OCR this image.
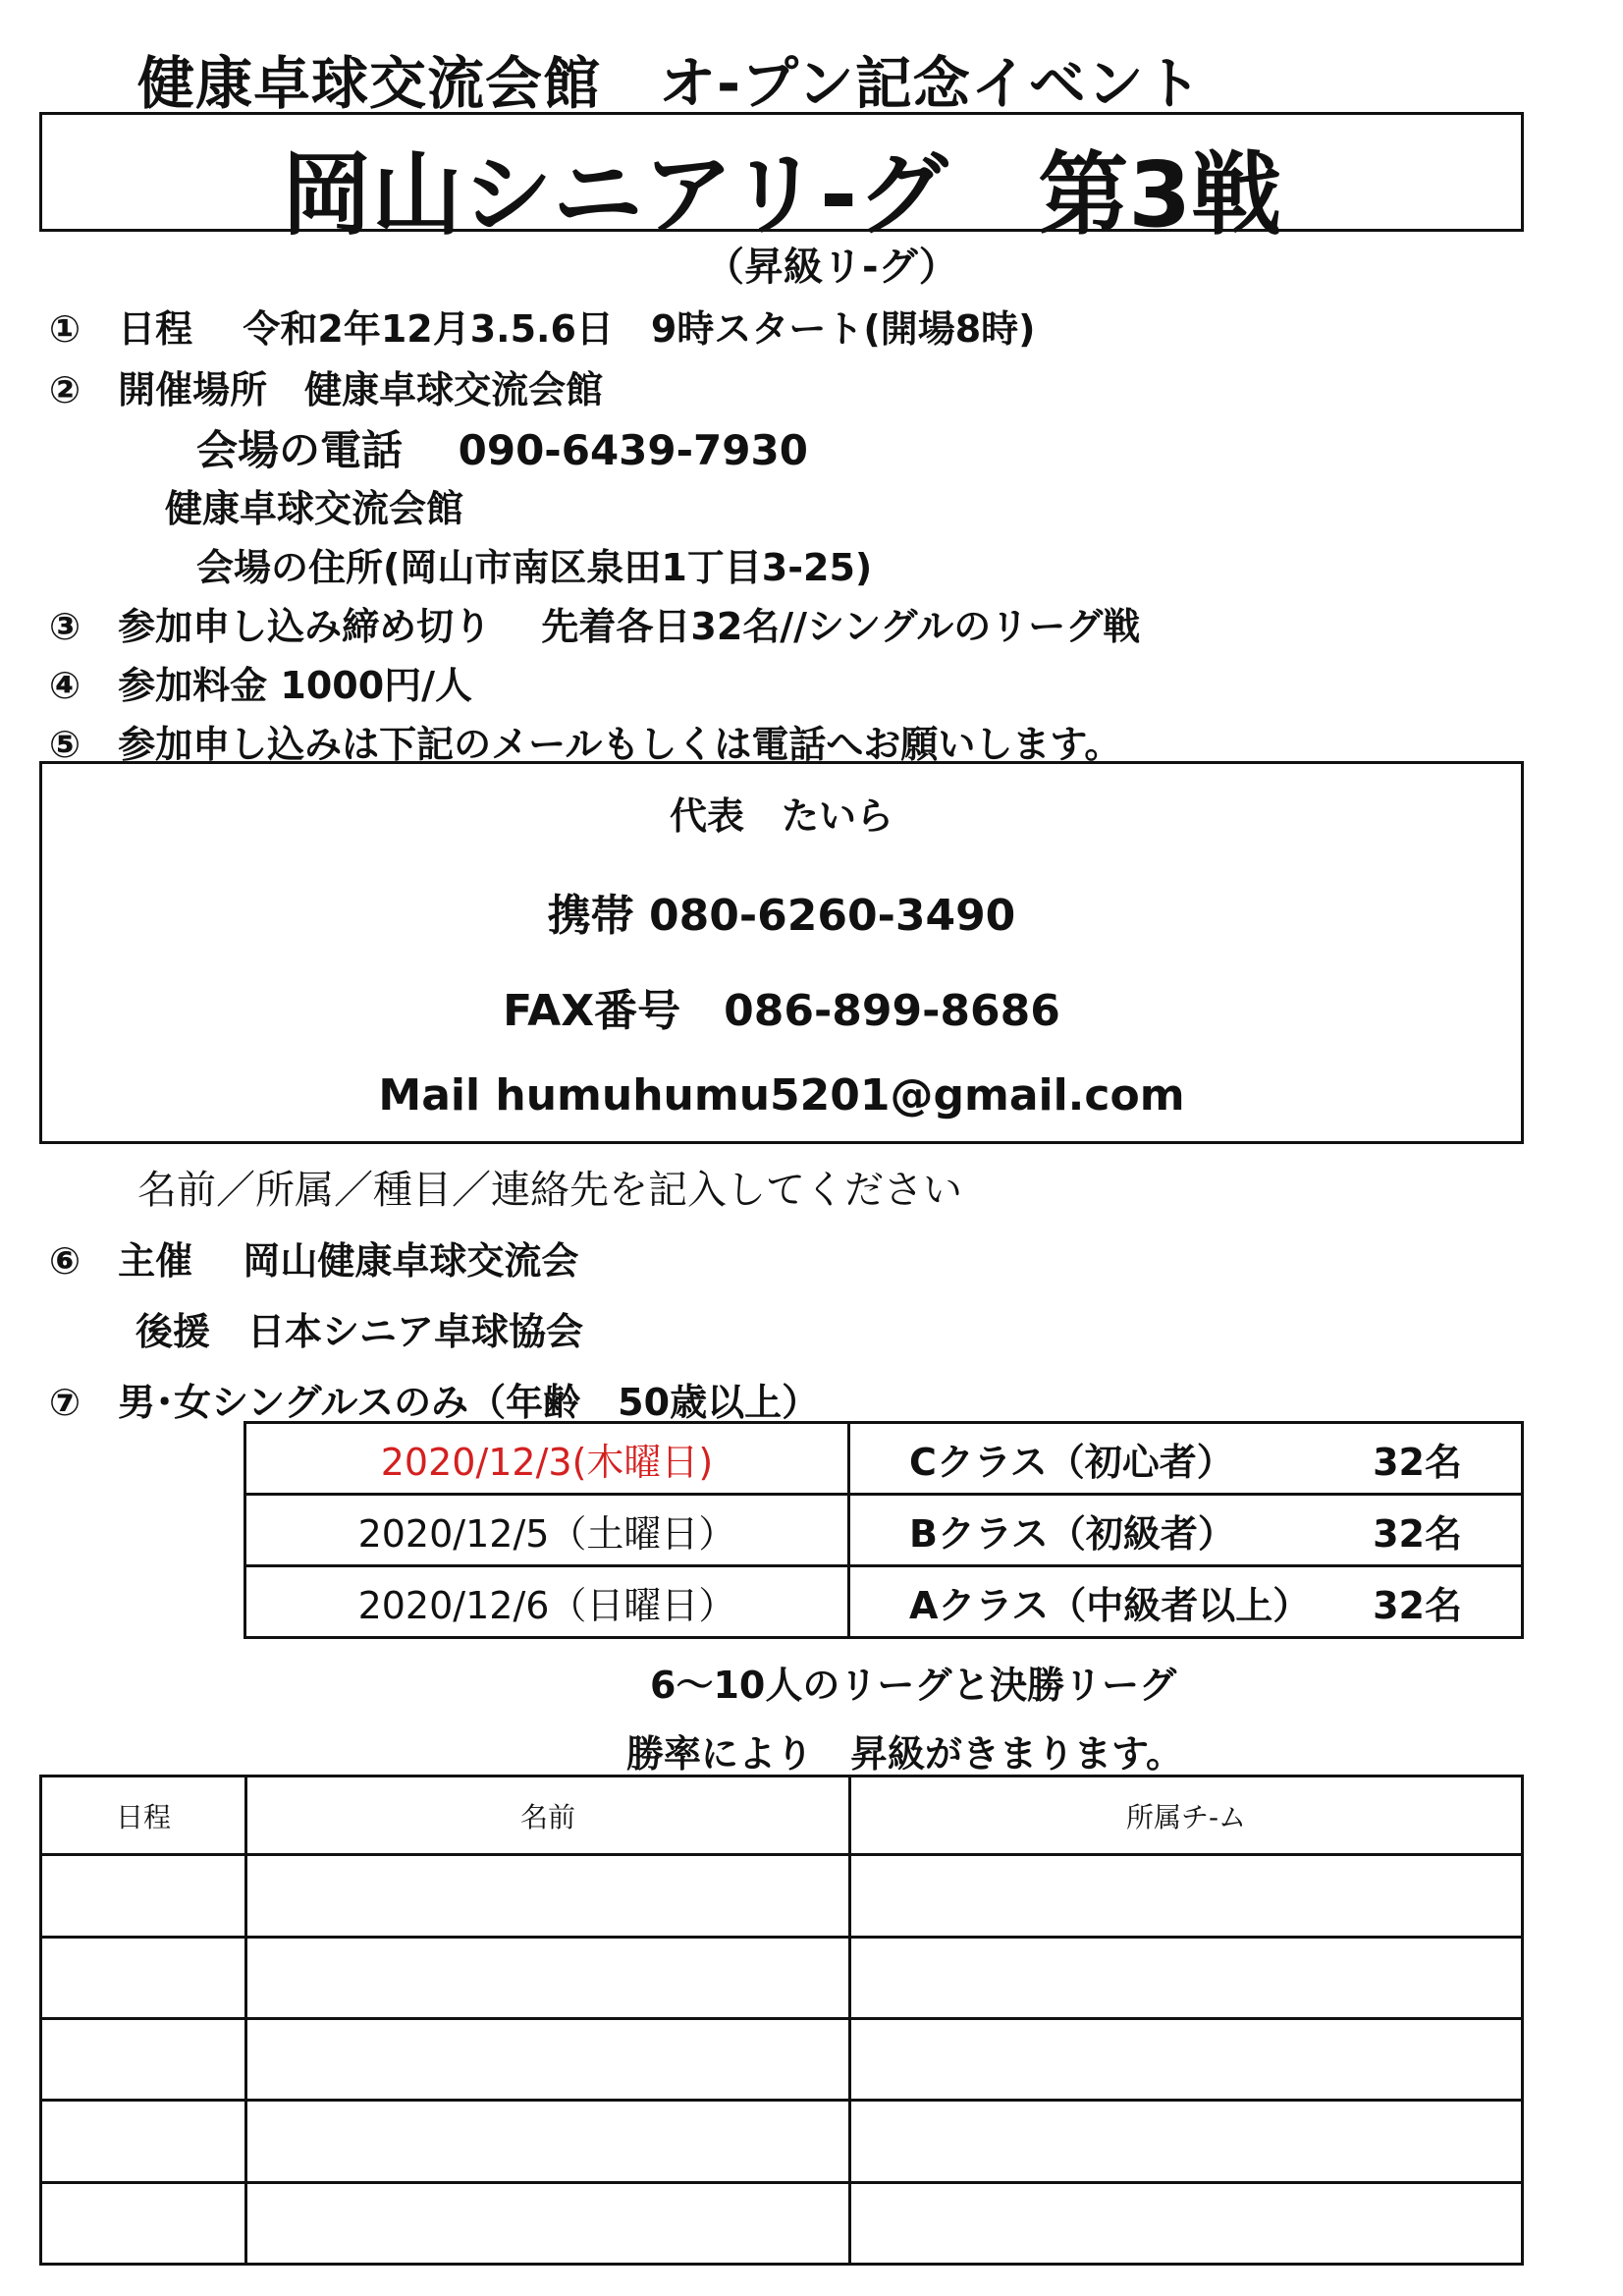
健康卓球交流会館　オ-プン記念イベント
岡山シニアリ-グ　第3戦
（昇級リ-グ）
①　日程　 令和2年12月3.5.6日　9時スタート(開場8時)
②　開催場所　健康卓球交流会館
会場の電話　 090-6439-7930
健康卓球交流会館
会場の住所(岡山市南区泉田1丁目3-25)
③　参加申し込み締め切り　 先着各日32名//シングルのリーグ戦
④　参加料金 1000円/人
⑤　参加申し込みは下記のメールもしくは電話へお願いします。
代表　たいら
携帯 080-6260-3490
FAX番号　086-899-8686
Mail humuhumu5201@gmail.com
名前／所属／種目／連絡先を記入してください
⑥　主催　 岡山健康卓球交流会
後援　日本シニア卓球協会
⑦　男･女シングルスのみ（年齢　50歳以上）
2020/12/3(木曜日)	Cクラス（初心者） 32名

2020/12/5（土曜日）	Bクラス（初級者） 32名

2020/12/6（日曜日）	Aクラス（中級者以上） 32名
6～10人のリーグと決勝リーグ
勝率により　昇級がきまります。
日程	名前	所属チ-ム
